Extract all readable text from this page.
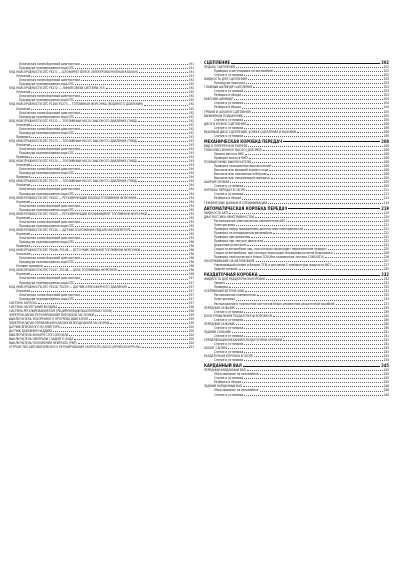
Логическая схема бортовой диагностики	191
Процедура подтверждения кода DTC	191
КОД НЕИСПРАВНОСТИ DTC P1271 — БЛОКИРУЕТ ВПУСК (ЭЛЕКТРОМАГНИТНЫЙ КЛАПАН)	191
Описание	191
Логическая схема бортовой диагностики	192
Процедура подтверждения кода DTC	192
КОД НЕИСПРАВНОСТИ DTC P1272 — ЛИНИЯ СВЯЗИ СИСТЕМЫ ТСS	192
Описание	192
Логическая схема бортовой диагностики	192
Процедура подтверждения кода DTC	192
КОД НЕИСПРАВНОСТИ DTC P1280 P1273 — ТОПЛИВНАЯ ФОРСУНКА (ВОДЯНОГО ДАВЛЕНИЯ)	192
Описание	192
Логическая схема бортовой диагностики	192
Процедура подтверждения кода DTC	192
КОД НЕИСПРАВНОСТИ DTC P1272 — ТОПЛИВНЫЙ НАСОС ВЫСОКОГО ДАВЛЕНИЯ (ТНВД)	192
Описание	192
Логическая схема бортовой диагностики	192
Процедура подтверждения кода DTC	192
Проверка	192
КОД НЕИСПРАВНОСТИ DTC P1273 — ТОПЛИВНЫЙ НАСОС ВЫСОКОГО ДАВЛЕНИЯ (ТНВД)	193
Описание	193
Логическая схема бортовой диагностики	193
Процедура подтверждения кода DTC	193
Проверка	193
КОД НЕИСПРАВНОСТИ DTC P1274 — ТОПЛИВНЫЙ НАСОС ВЫСОКОГО ДАВЛЕНИЯ (ТНВД)	193
Описание	193
Логическая схема бортовой диагностики	194
Процедура подтверждения кода DTC	194
Проверка	194
КОД НЕИСПРАВНОСТИ DTC P1275 — ТОПЛИВНЫЙ НАСОС ВЫСОКОГО ДАВЛЕНИЯ (ТНВД)	194
Описание	194
Логическая схема бортовой диагностики	194
Процедура подтверждения кода DTC	194
КОД НЕИСПРАВНОСТИ DTC P1622 — РЕГУЛИРУЮЩИЙ КЛАПАН ТОПЛИВНОЙ ФОРСУНКИ	194
Описание	194
Логическая схема бортовой диагностики	194
Процедура подтверждения кода DTC	195
КОД НЕИСПРАВНОСТИ DTC P1623 — РЕГУЛИРУЮЩИЙ КОЭФФИЦИЕНТ ТОПЛИВНОЙ ФОРСУНКИ	195
Описание	195
Логическая схема бортовой диагностики	195
Процедура подтверждения кода DTC	195
КОД НЕИСПРАВНОСТИ DTC P2135 — ДАТЧИК ПОЛОЖЕНИЯ ПЕДАЛИ АКСЕЛЕРАТОРА	195
Описание	195
Логическая схема бортовой диагностики	195
Процедура подтверждения кода DTC	196
Проверка	196
КОД НЕИСПРАВНОСТИ DTC P0146, P2146 — ИСТОЧНИК ПИТАНИЯ ТОПЛИВНОЙ ФОРСУНКИ	196
Описание	196
Логическая схема бортовой диагностики	196
Процедура подтверждения кода DTC	196
Условие проверки	196
КОД НЕИСПРАВНОСТИ DTC P2147, P2148 — ЦЕПЬ ТОПЛИВНЫХ ФОРСУНОК	196
Описание	196
Логическая схема бортовой диагностики	197
Процедура подтверждения кода DTC	197
КОД НЕИСПРАВНОСТИ DTC P2228, P2229 — ДАТЧИК АТМОСФЕРНОГО ДАВЛЕНИЯ	197
Описание	197
Логическая схема бортовой диагностики	197
Процедура подтверждения кода DTC	197
СИСТЕМА ЗАПУСКА	197
СИСТЕМА НАГНЕТАНИЯ ВОЗДУХА	198
СИСТЕМА РЕГУЛИРОВАНИЯ EGR (РЕЦИРКУЛЯЦИИ ВЫХЛОПНЫХ ГАЗОВ)	198
ЭЛЕКТРОКЛАПАН РЕГУЛИРОВАНИЯ ВПУСКНОЙ ЗАСЛОНКИ	199
ВЫКЛЮЧАТЕЛЬ УСКОРЕННОГО ПРОГРЕВА ДВИГАТЕЛЯ	199
ЭЛЕКТРОКЛАПАН УПРАВЛЕНИЯ КЛАПАНОМ ВОЗДУШНОЙ ЗАСЛОНКИ	199
ДАТЧИК ВПУСКНОГО КОЛЛЕКТОРА	200
ДАТЧИК ДАВЛЕНИЯ НАДДУВА	200
ВЫКЛЮЧАТЕЛЬ ФОНАРЯ СТОП-СИГНАЛА	200
ВЫКЛЮЧАТЕЛЬ НЕЙТРАЛИ / ЗАДНЕГО ХОДА	200
ВЫКЛЮЧАТЕЛЬ ПОЛОЖЕНИЯ НЕЙТРАЛЬ (PNP)	200
УСТРОЙСТВО АВТОМАТИЧЕСКОГО РЕГУЛИРОВАНИЯ СКОРОСТИ (ASCD) (КРУИЗ-КОНТРОЛЬ)	201
СЦЕПЛЕНИЕ	202
ПЕДАЛЬ СЦЕПЛЕНИЯ	202
Проверка и регулировка на автомобиле	202
Снятие и установка	202
ЖИДКОСТЬ ДЛЯ СЦЕПЛЕНИЯ	203
Процедура прокачки	203
ГЛАВНЫЙ ЦИЛИНДР СЦЕПЛЕНИЯ	203
Снятие и установка	203
Разборка и сборка	203
РАБОЧИЙ ЦИЛИНДР	204
Снятие и установка	204
Разборка и сборка	204
ТРУБКИ И ШЛАНГИ СЦЕПЛЕНИЯ	205
ВЫЖИМНОЙ ПОДШИПНИК	205
Снятие и установка	205
ДИСК И КОЖУХ СЦЕПЛЕНИЯ	206
Снятие и установка	206
ВЕДОМЫЙ ДИСК СЦЕПЛЕНИЯ, КОЖУХ СЦЕПЛЕНИЯ И МАХОВИК	206
Снятие и установка	206
МЕХАНИЧЕСКАЯ КОРОБКА ПЕРЕДАЧ	208
ВИД В ПОПЕРЕЧНОМ РАЗРЕЗЕ	208
ТРАНСМИССИОННОЕ МАСЛО (ДЛЯ МКП)	208
Замена масла в МКП	208
Проверка масла в МКП	208
ПОЗИЦИОННЫЕ ВЫКЛЮЧАТЕЛИ	208
Проверка позиционных выключателей	208
Выключатель фонарей заднего хода	208
Выключатель положения нейтрали	208
Выключатель понижающей передачи	209
ШАРНИР СКОБКИ	209
Снятие и установка	209
КОРОБКА ПЕРЕДАЧ В СБОРЕ	211
Снятие и установка	211
Разборка и сборка	213
ТЕХНИЧЕСКИЕ ДАННЫЕ И СПЕЦИФИКАЦИИ	219
АВТОМАТИЧЕСКАЯ КОРОБКА ПЕРЕДАЧ	219
ЖИДКОСТЬ АКП	219
ДИАГНОСТИКА НЕИСПРАВНОСТЕЙ	219
Расположение электрических компонентов АКП	220
Электросхема	221
Проверка перед проведением диагностики неисправностей	222
Проверка на неподвижном автомобиле	222
Проверка при движении	222
Проверка при запуске двигателя	222
Дорожные испытания	223
Скорости автомобиля при, при которых происходит переключение передач	225
Скорости автомобиля, при которых происходит блокировка/отмена блокировки	226
Проверка электрического блока TCM (без применения тестера CONSULT-II)	226
ОБСЛУЖИВАНИЕ НА АВТОМОБИЛЕ	227
Управляющий клапан и блоком ТСМ и датчиком 2 температуры жидкости АКП	227
Задний сальник	230
РАЗДАТОЧНАЯ КОРОБКА	232
ЖИДКОСТЬ ДЛЯ РАЗДАТОЧНОЙ КОРОБКИ	232
Замена	232
Проверка	232
ОСЕРЕВНЫЙ/СИСТЕМА 4WD	232
Расположение компонентов	232
Электросхема	233
Расположение и назначение контактов блока управления раздаточной коробкой	237
ПЕРЕДНИЙ САЛЬНИК	239
Снятие и установка	239
БЛОК УПРАВЛЕНИЯ РАЗДАТОЧНОЙ КОРОБКОЙ	240
Снятие и установка	240
ПЕРЕДНИЙ САЛЬНИК	240
Снятие и установка	240
ЗАДНИЙ САЛЬНИК	241
Снятие и установка	241
УПРАВЛЯЮЩИЙ МЕХАНИЗМ РАЗДАТОЧНОЙ КОРОБКИ	242
Снятие и установка	242
ШЛАНГ САПУНА	243
Снятие и установка	243
РАЗДАТОЧНАЯ КОРОБКА В СБОРЕ	243
Снятие и установка	243
КАРДАННЫЙ ВАЛ	245
ПЕРЕДНИЙ КАРДАННЫЙ ВАЛ	245
Обслуживание на автомобиле	245
Снятие и установка	245
Разборка и сборка	245
ЗАДНИЙ КАРДАННЫЙ ВАЛ	246
Обслуживание на автомобиле	246
Снятие и установка	246
